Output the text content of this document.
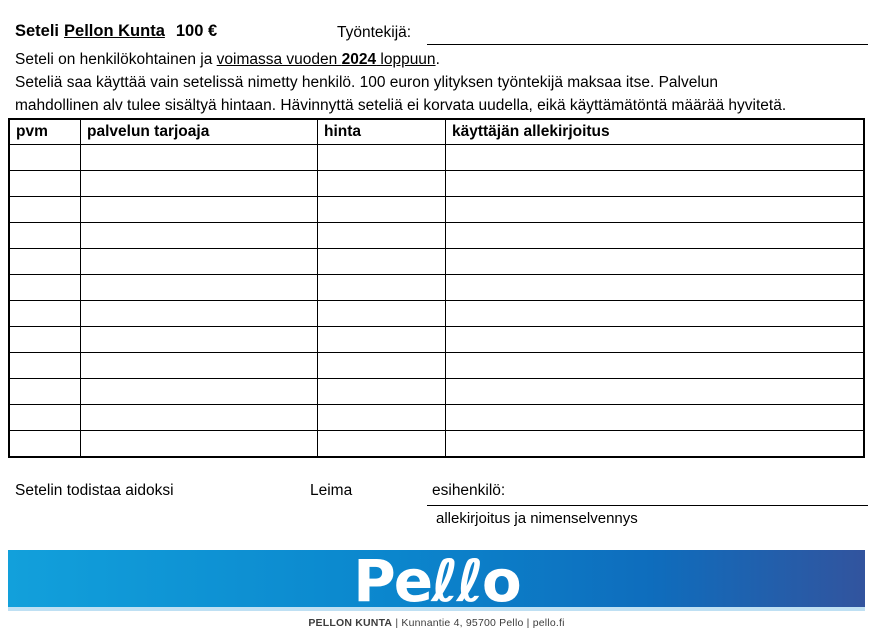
Seteli Pellon Kunta 100 €	Työntekijä:
Seteli on henkilökohtainen ja voimassa vuoden 2024 loppuun.
Seteliä saa käyttää vain setelissä nimetty henkilö. 100 euron ylityksen työntekijä maksaa itse. Palvelun
mahdollinen alv tulee sisältyä hintaan. Hävinnyttä seteliä ei korvata uudella, eikä käyttämätöntä määrää hyvitetä.
pvm	palvelun tarjoaja	hinta	käyttäjän allekirjoitus

Setelin todistaa aidoksi	Leima	esihenkilö:
allekirjoitus ja nimenselvennys
Peℓℓo
PELLON KUNTA | Kunnantie 4, 95700 Pello | pello.fi
